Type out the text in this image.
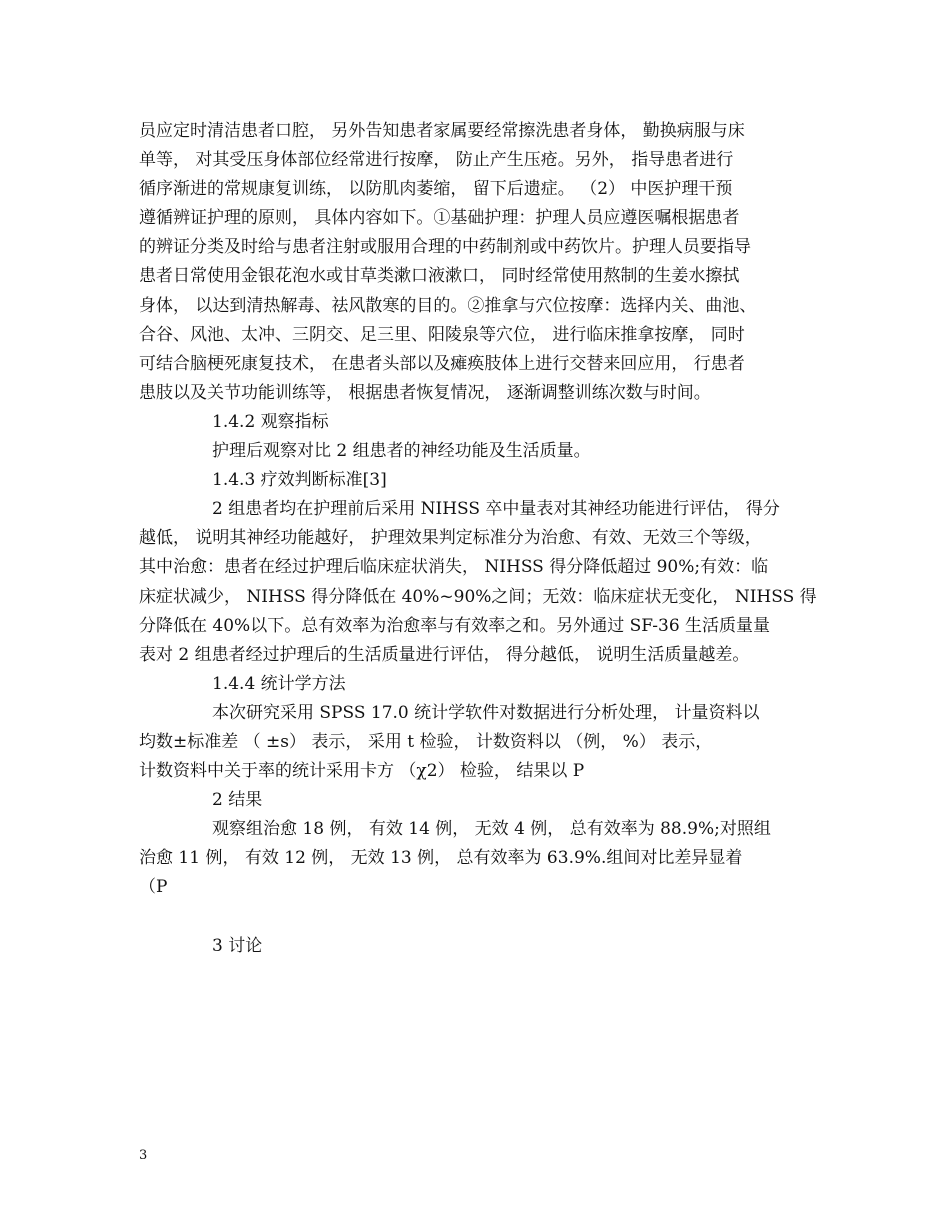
员应定时清洁患者口腔， 另外告知患者家属要经常擦洗患者身体， 勤换病服与床
单等， 对其受压身体部位经常进行按摩， 防止产生压疮。另外， 指导患者进行
循序渐进的常规康复训练， 以防肌肉萎缩， 留下后遗症。 （2） 中医护理干预
遵循辨证护理的原则， 具体内容如下。①基础护理：护理人员应遵医嘱根据患者
的辨证分类及时给与患者注射或服用合理的中药制剂或中药饮片。护理人员要指导
患者日常使用金银花泡水或甘草类漱口液漱口， 同时经常使用熬制的生姜水擦拭
身体， 以达到清热解毒、祛风散寒的目的。②推拿与穴位按摩：选择内关、曲池、
合谷、风池、太冲、三阴交、足三里、阳陵泉等穴位， 进行临床推拿按摩， 同时
可结合脑梗死康复技术， 在患者头部以及瘫痪肢体上进行交替来回应用， 行患者
患肢以及关节功能训练等， 根据患者恢复情况， 逐渐调整训练次数与时间。
1.4.2 观察指标
护理后观察对比 2 组患者的神经功能及生活质量。
1.4.3 疗效判断标准[3]
2 组患者均在护理前后采用 NIHSS 卒中量表对其神经功能进行评估， 得分
越低， 说明其神经功能越好， 护理效果判定标准分为治愈、有效、无效三个等级，
其中治愈：患者在经过护理后临床症状消失， NIHSS 得分降低超过 90%;有效：临
床症状减少， NIHSS 得分降低在 40%~90%之间；无效：临床症状无变化， NIHSS 得
分降低在 40%以下。总有效率为治愈率与有效率之和。另外通过 SF-36 生活质量量
表对 2 组患者经过护理后的生活质量进行评估， 得分越低， 说明生活质量越差。
1.4.4 统计学方法
本次研究采用 SPSS 17.0 统计学软件对数据进行分析处理， 计量资料以
均数±标准差 （ ±s） 表示， 采用 t 检验， 计数资料以 （例， %） 表示，
计数资料中关于率的统计采用卡方 （χ2） 检验， 结果以 P
2 结果
观察组治愈 18 例， 有效 14 例， 无效 4 例， 总有效率为 88.9%;对照组
治愈 11 例， 有效 12 例， 无效 13 例， 总有效率为 63.9%.组间对比差异显着
（P
3 讨论
3
